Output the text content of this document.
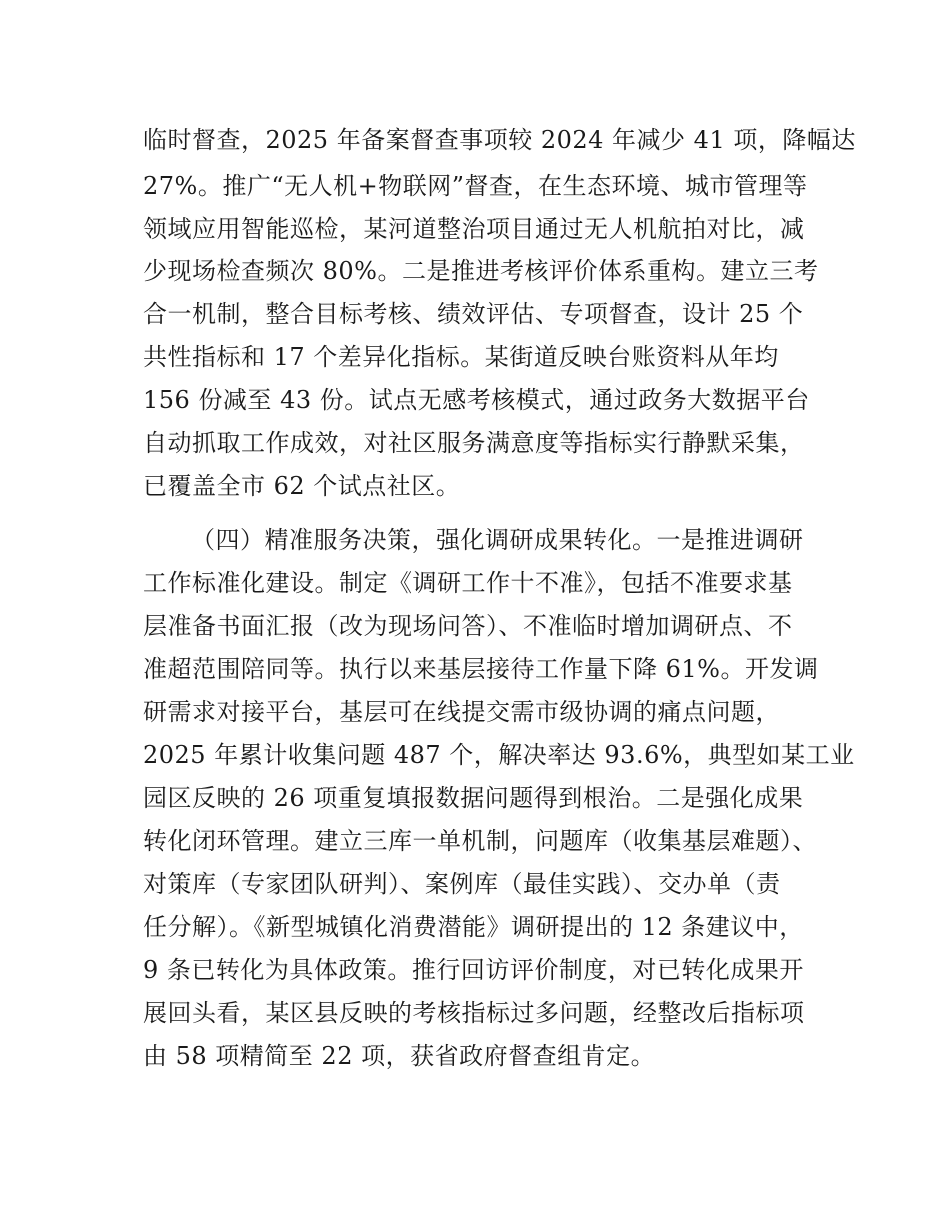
临时督查，2025 年备案督查事项较 2024 年减少 41 项，降幅达
27%。推广“无人机+物联网”督查，在生态环境、城市管理等
领域应用智能巡检，某河道整治项目通过无人机航拍对比，减
少现场检查频次 80%。二是推进考核评价体系重构。建立三考
合一机制，整合目标考核、绩效评估、专项督查，设计 25 个
共性指标和 17 个差异化指标。某街道反映台账资料从年均
156 份减至 43 份。试点无感考核模式，通过政务大数据平台
自动抓取工作成效，对社区服务满意度等指标实行静默采集，
已覆盖全市 62 个试点社区。
（四）精准服务决策，强化调研成果转化。一是推进调研
工作标准化建设。制定《调研工作十不准》，包括不准要求基
层准备书面汇报（改为现场问答）、不准临时增加调研点、不
准超范围陪同等。执行以来基层接待工作量下降 61%。开发调
研需求对接平台，基层可在线提交需市级协调的痛点问题，
2025 年累计收集问题 487 个，解决率达 93.6%，典型如某工业
园区反映的 26 项重复填报数据问题得到根治。二是强化成果
转化闭环管理。建立三库一单机制，问题库（收集基层难题）、
对策库（专家团队研判）、案例库（最佳实践）、交办单（责
任分解）。《新型城镇化消费潜能》调研提出的 12 条建议中，
9 条已转化为具体政策。推行回访评价制度，对已转化成果开
展回头看，某区县反映的考核指标过多问题，经整改后指标项
由 58 项精简至 22 项，获省政府督查组肯定。
